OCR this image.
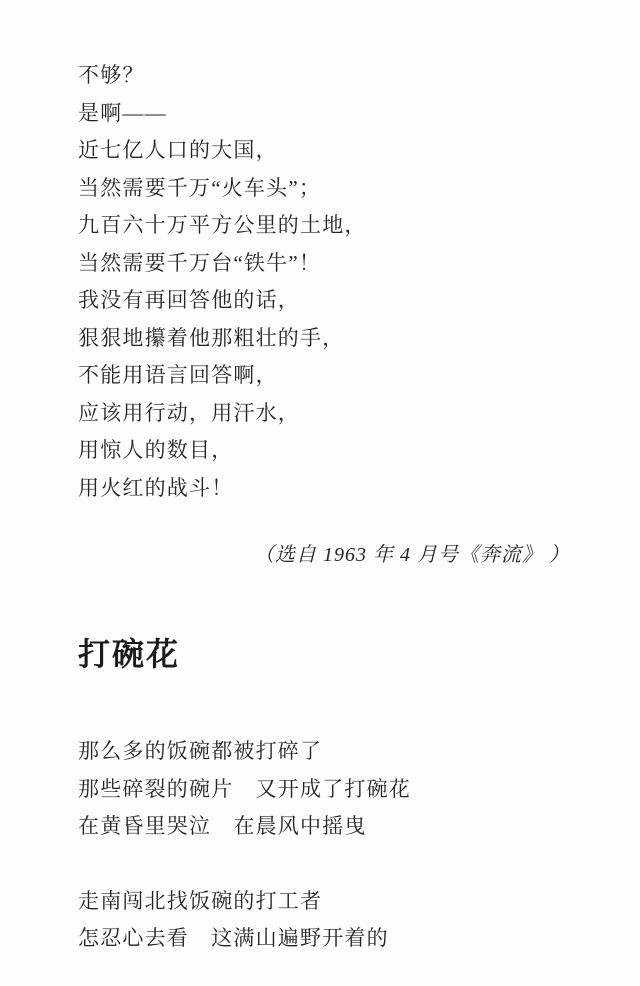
不够？

是啊——

近七亿人口的大国，

当然需要千万“火车头”；

九百六十万平方公里的土地，

当然需要千万台“铁牛”！

我没有再回答他的话，

狠狠地攥着他那粗壮的手，

不能用语言回答啊，

应该用行动，用汗水，

用惊人的数目，

用火红的战斗！

（选自 1963 年 4 月号《奔流》 ）

打碗花

那么多的饭碗都被打碎了

那些碎裂的碗片　又开成了打碗花

在黄昏里哭泣　在晨风中摇曳

走南闯北找饭碗的打工者

怎忍心去看　这满山遍野开着的
